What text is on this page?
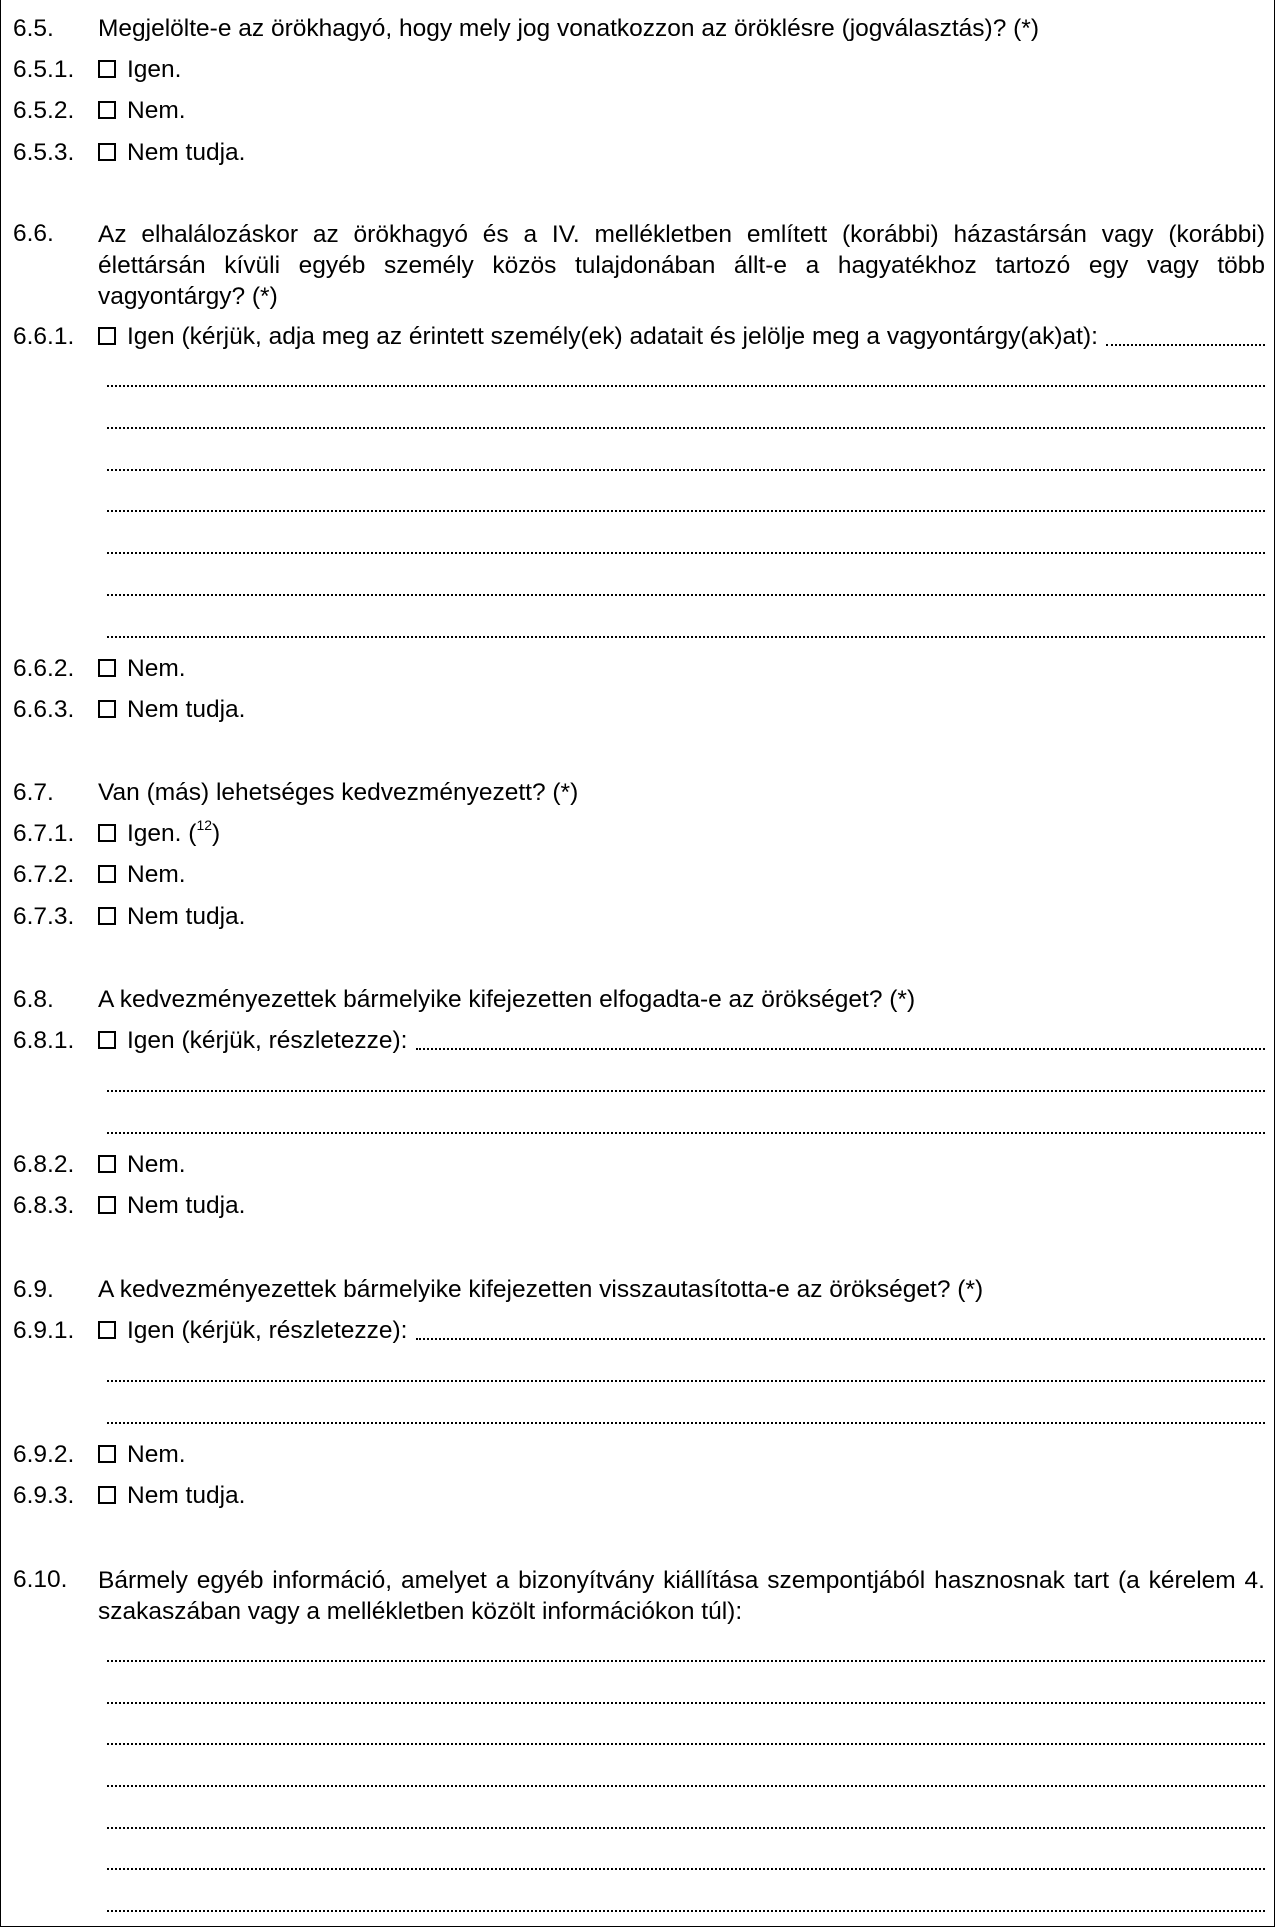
6.5. Megjelölte-e az örökhagyó, hogy mely jog vonatkozzon az öröklésre (jogválasztás)? (*)
6.5.1. Igen.
6.5.2. Nem.
6.5.3. Nem tudja.
6.6. Az elhalálozáskor az örökhagyó és a IV. mellékletben említett (korábbi) házastársán vagy (korábbi) élettársán kívüli egyéb személy közös tulajdonában állt-e a hagyatékhoz tartozó egy vagy több vagyontárgy? (*)
6.6.1. Igen (kérjük, adja meg az érintett személy(ek) adatait és jelölje meg a vagyontárgy(ak)at):
6.6.2. Nem.
6.6.3. Nem tudja.
6.7. Van (más) lehetséges kedvezményezett? (*)
6.7.1. Igen. ($^{12}$)
6.7.2. Nem.
6.7.3. Nem tudja.
6.8. A kedvezményezettek bármelyike kifejezetten elfogadta-e az örökséget? (*)
6.8.1. Igen (kérjük, részletezze):
6.8.2. Nem.
6.8.3. Nem tudja.
6.9. A kedvezményezettek bármelyike kifejezetten visszautasította-e az örökséget? (*)
6.9.1. Igen (kérjük, részletezze):
6.9.2. Nem.
6.9.3. Nem tudja.
6.10. Bármely egyéb információ, amelyet a bizonyítvány kiállítása szempontjából hasznosnak tart (a kérelem 4. szakaszában vagy a mellékletben közölt információkon túl):
